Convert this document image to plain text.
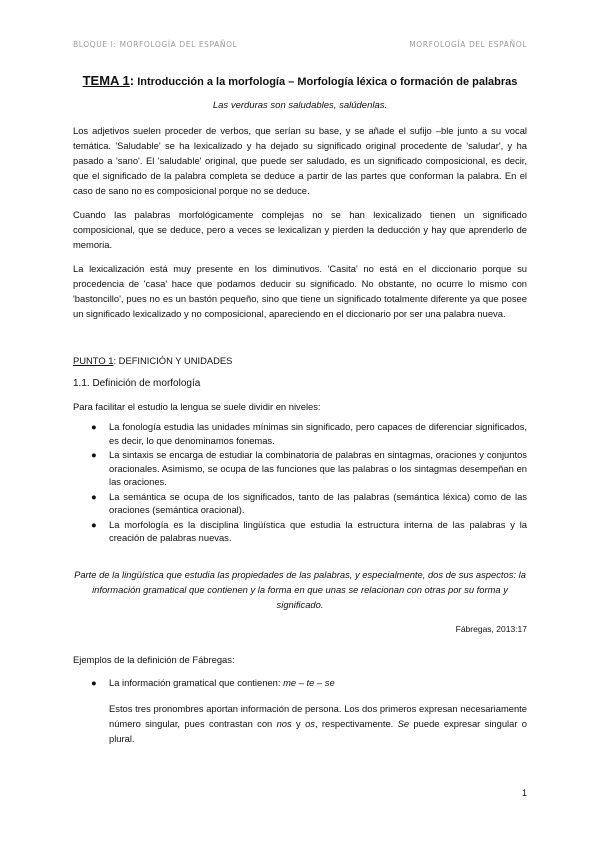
BLOQUE I: MORFOLOGÍA DEL ESPAÑOL	MORFOLOGÍA DEL ESPAÑOL

TEMA 1: Introducción a la morfología – Morfología léxica o formación de palabras

Las verduras son saludables, salúdenlas.

Los adjetivos suelen proceder de verbos, que serían su base, y se añade el sufijo –ble junto a su vocal temática. 'Saludable' se ha lexicalizado y ha dejado su significado original procedente de 'saludar', y ha pasado a 'sano'. El 'saludable' original, que puede ser saludado, es un significado composicional, es decir, que el significado de la palabra completa se deduce a partir de las partes que conforman la palabra. En el caso de sano no es composicional porque no se deduce.

Cuando las palabras morfológicamente complejas no se han lexicalizado tienen un significado composicional, que se deduce, pero a veces se lexicalizan y pierden la deducción y hay que aprenderlo de memoria.

La lexicalización está muy presente en los diminutivos. 'Casita' no está en el diccionario porque su procedencia de 'casa' hace que podamos deducir su significado. No obstante, no ocurre lo mismo con 'bastoncillo', pues no es un bastón pequeño, sino que tiene un significado totalmente diferente ya que posee un significado lexicalizado y no composicional, apareciendo en el diccionario por ser una palabra nueva.

PUNTO 1: DEFINICIÓN Y UNIDADES

1.1. Definición de morfología

Para facilitar el estudio la lengua se suele dividir en niveles:

● La fonología estudia las unidades mínimas sin significado, pero capaces de diferenciar significados, es decir, lo que denominamos fonemas.
● La sintaxis se encarga de estudiar la combinatoria de palabras en sintagmas, oraciones y conjuntos oracionales. Asimismo, se ocupa de las funciones que las palabras o los sintagmas desempeñan en las oraciones.
● La semántica se ocupa de los significados, tanto de las palabras (semántica léxica) como de las oraciones (semántica oracional).
● La morfología es la disciplina lingüística que estudia la estructura interna de las palabras y la creación de palabras nuevas.

Parte de la lingüística que estudia las propiedades de las palabras, y especialmente, dos de sus aspectos: la información gramatical que contienen y la forma en que unas se relacionan con otras por su forma y significado.

Fábregas, 2013:17

Ejemplos de la definición de Fábregas:

● La información gramatical que contienen: me – te – se

Estos tres pronombres aportan información de persona. Los dos primeros expresan necesariamente número singular, pues contrastan con nos y os, respectivamente. Se puede expresar singular o plural.

1
